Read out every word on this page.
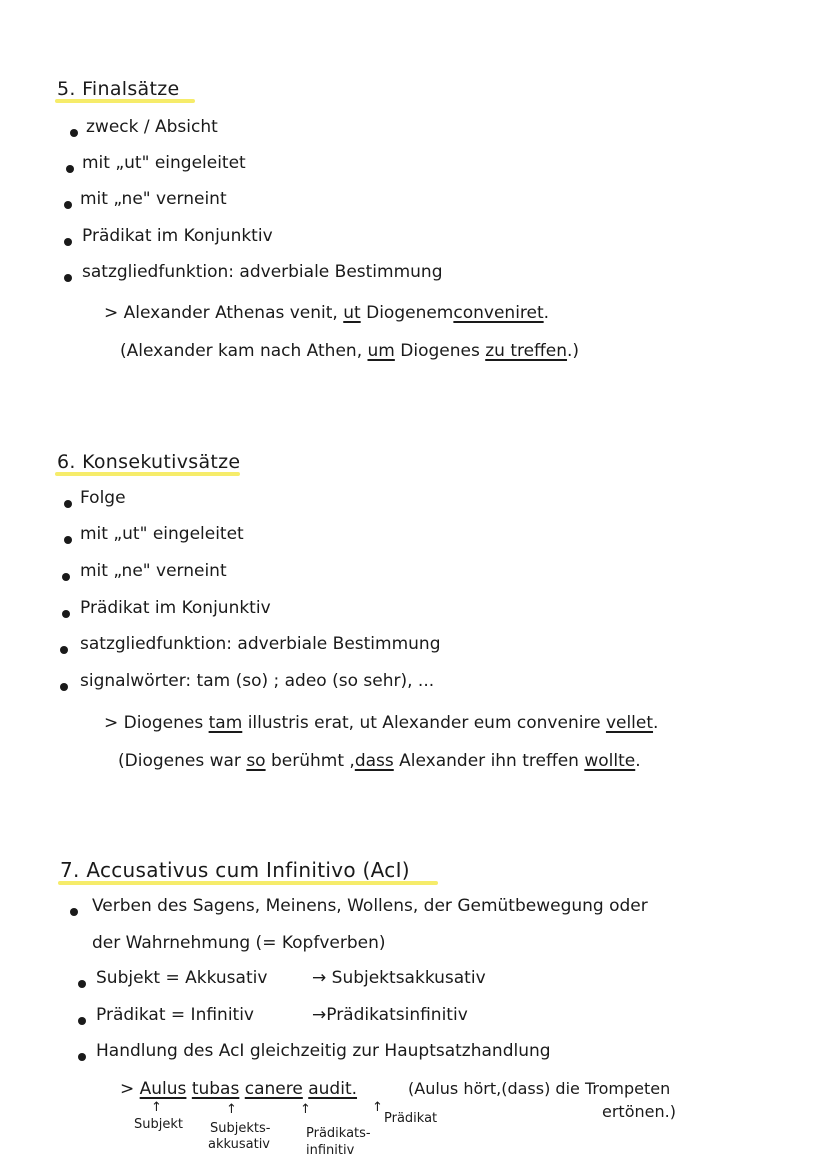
5. Finalsätze
zweck / Absicht
mit „ut" eingeleitet
mit „ne" verneint
Prädikat im Konjunktiv
satzgliedfunktion: adverbiale Bestimmung
> Alexander Athenas venit, ut Diogenemconveniret.
(Alexander kam nach Athen, um Diogenes zu treffen.)
6. Konsekutivsätze
Folge
mit „ut" eingeleitet
mit „ne" verneint
Prädikat im Konjunktiv
satzgliedfunktion: adverbiale Bestimmung
signalwörter: tam (so) ; adeo (so sehr), ...
> Diogenes tam illustris erat, ut Alexander eum convenire vellet.
(Diogenes war so berühmt ,dass Alexander ihn treffen wollte.
7. Accusativus cum Infinitivo (AcI)
Verben des Sagens, Meinens, Wollens, der Gemütbewegung oder
der Wahrnehmung (= Kopfverben)
Subjekt = Akkusativ	→ Subjektsakkusativ
Prädikat = Infinitiv	→Prädikatsinfinitiv
Handlung des AcI gleichzeitig zur Hauptsatzhandlung
> Aulus tubas canere audit.	(Aulus hört,(dass) die Trompeten
ertönen.)
↑
Subjekt
↑
Subjekts-
akkusativ
↑
Prädikats-
infinitiv
↑
Prädikat
